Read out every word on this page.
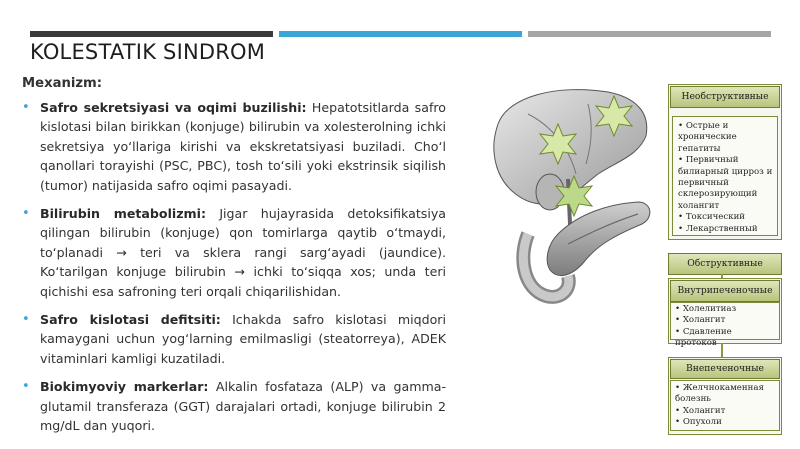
KOLESTATIK SINDROM
Mexanizm:
• Safro sekretsiyasi va oqimi buzilishi: Hepatotsitlarda safro kislotasi bilan birikkan (konjuge) bilirubin va xolesterolning ichki sekretsiya yo‘llariga kirishi va ekskretatsiyasi buziladi. Cho‘l qanollari torayishi (PSC, PBC), tosh to‘sili yoki ekstrinsik siqilish (tumor) natijasida safro oqimi pasayadi.
• Bilirubin metabolizmi: Jigar hujayrasida detoksifikatsiya qilingan bilirubin (konjuge) qon tomirlarga qaytib o‘tmaydi, to‘planadi → teri va sklera rangi sarg‘ayadi (jaundice). Ko‘tarilgan konjuge bilirubin → ichki to‘siqqa xos; unda teri qichishi esa safroning teri orqali chiqarilishidan.
• Safro kislotasi defitsiti: Ichakda safro kislotasi miqdori kamaygani uchun yog‘larning emilmasligi (steatorreya), ADEK vitaminlari kamligi kuzatiladi.
• Biokimyoviy markerlar: Alkalin fosfataza (ALP) va gamma-glutamil transferaza (GGT) darajalari ortadi, konjuge bilirubin 2 mg/dL dan yuqori.
Необструктивные
• Острые и хронические гепатиты
• Первичный билиарный цирроз и первичный склерозирующий холангит
• Токсический
• Лекарственный
Обструктивные
Внутрипеченочные
• Холелитиаз
• Холангит
• Сдавление протоков
Внепеченочные
• Желчнокаменная болезнь
• Холангит
• Опухоли
